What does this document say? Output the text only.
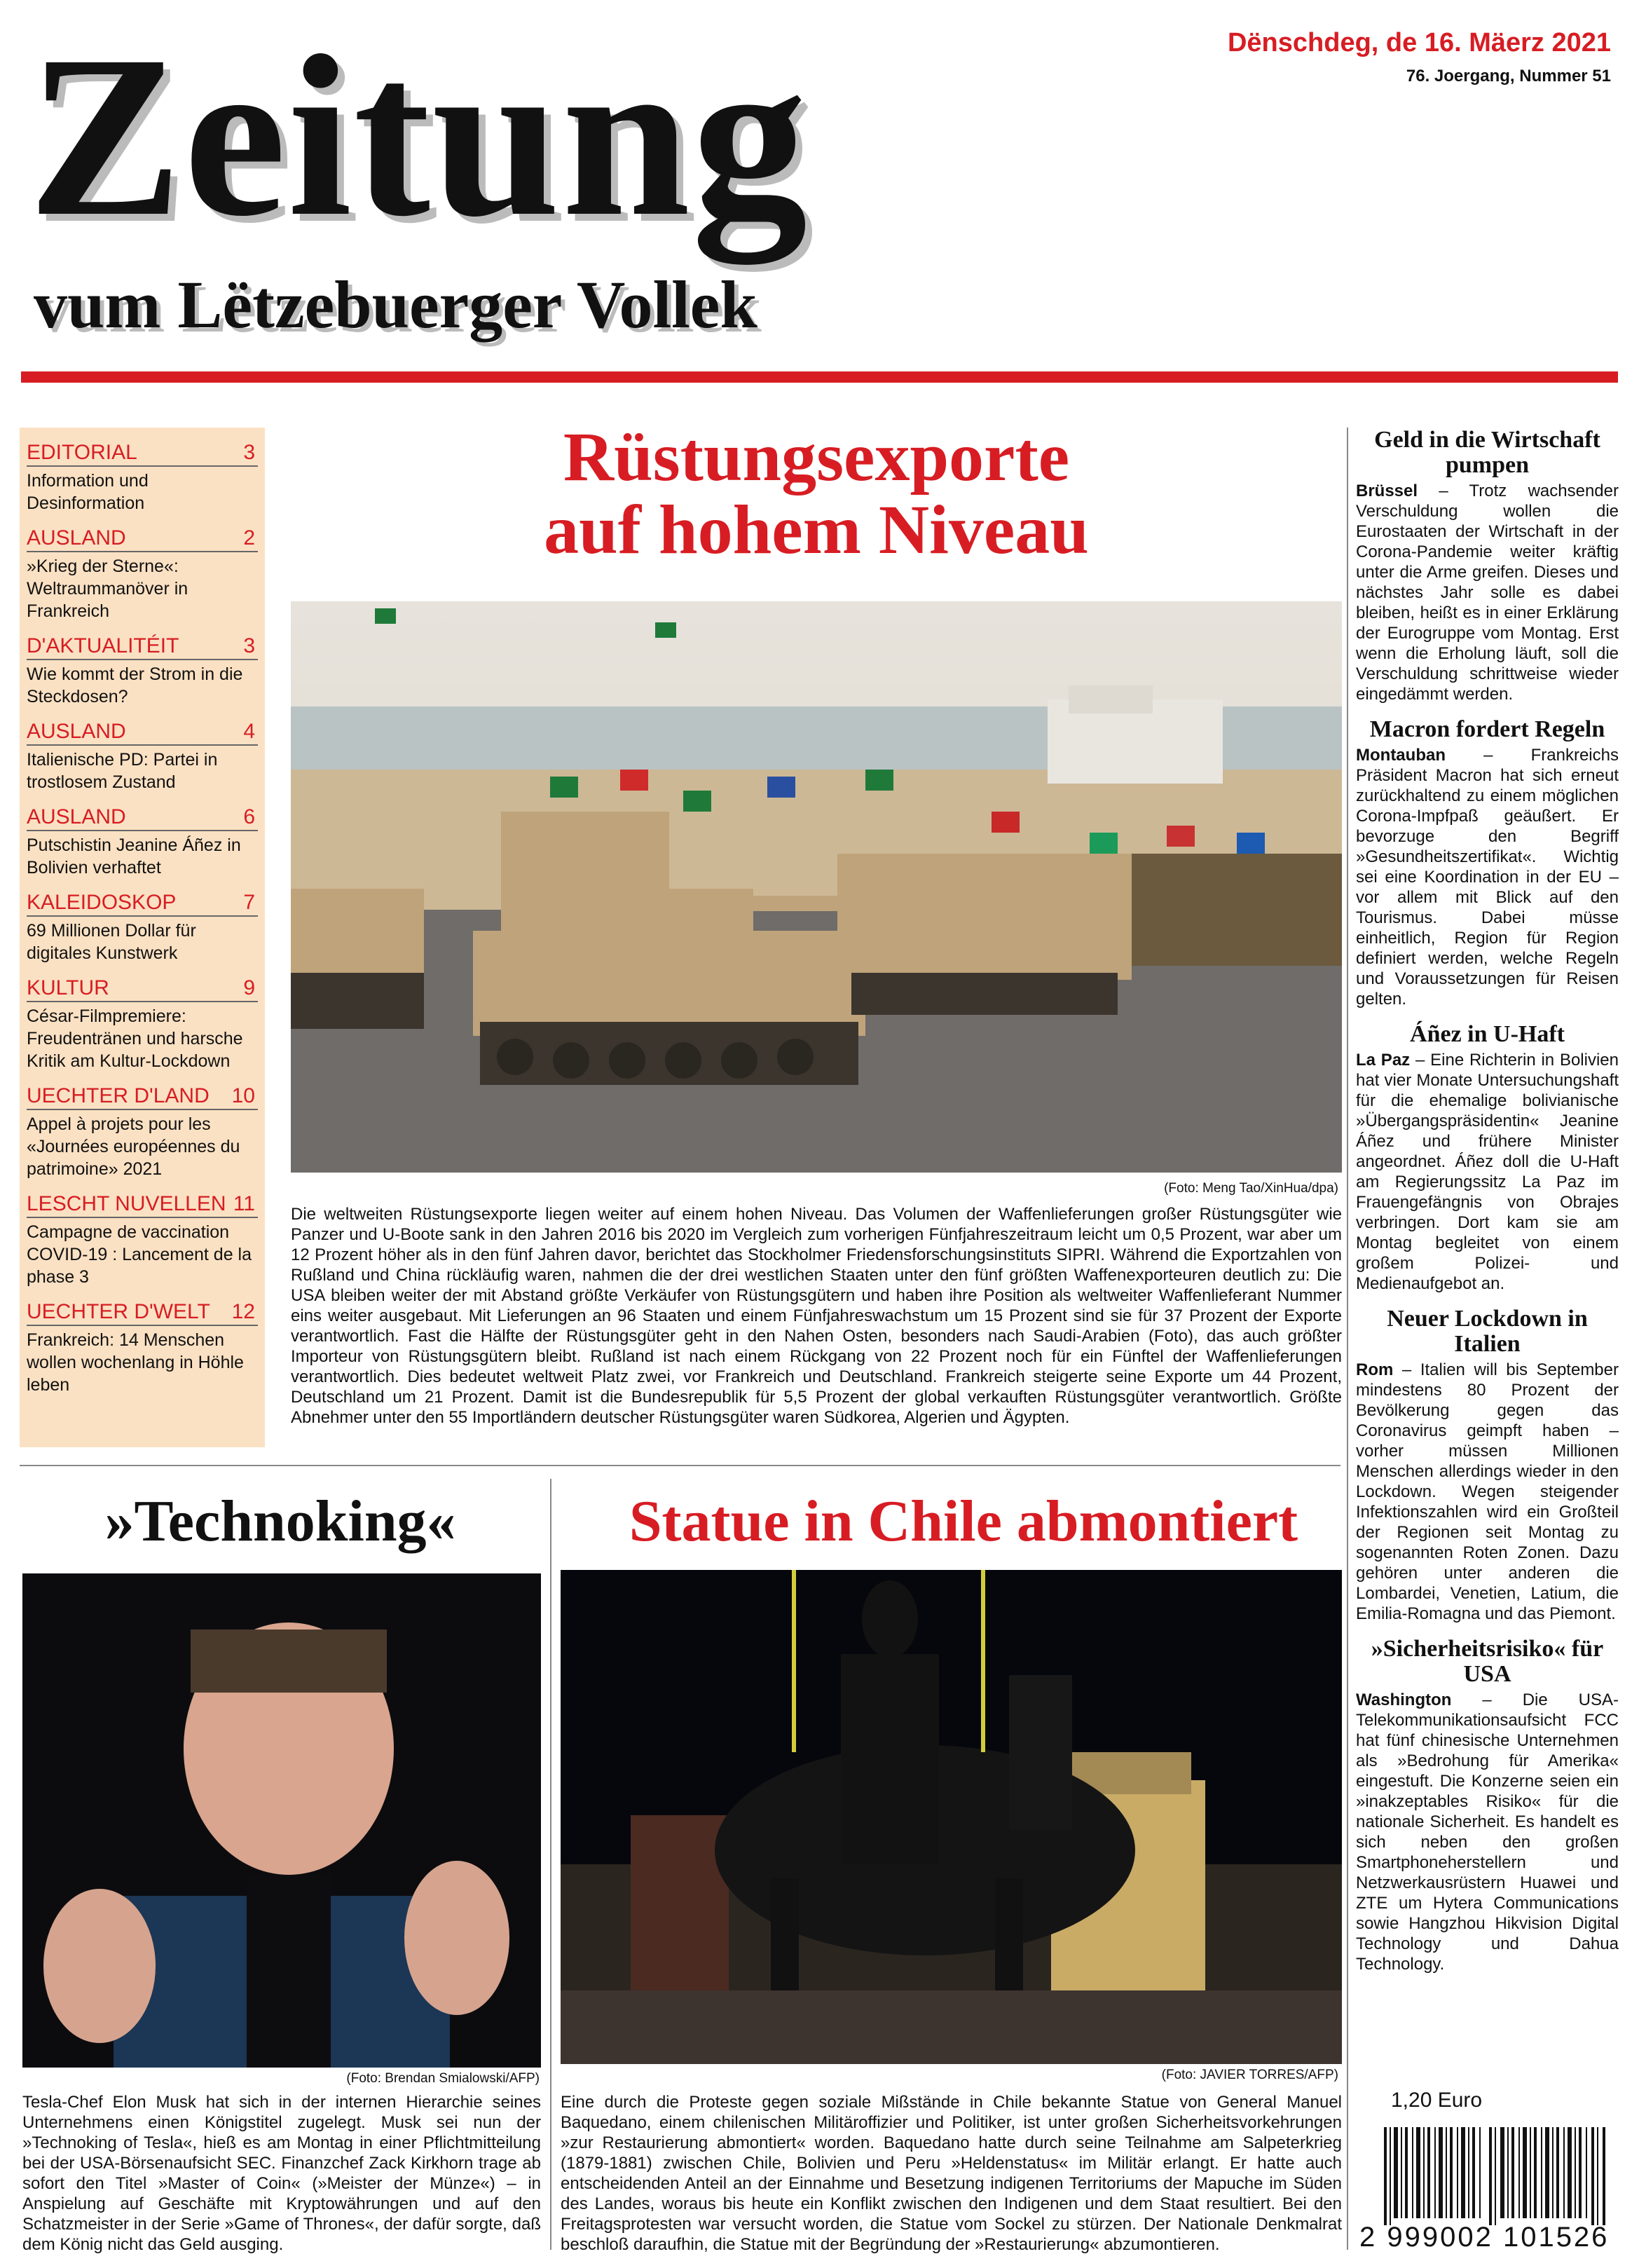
Zeitung
vum Lëtzebuerger Vollek
Dënschdeg, de 16. Mäerz 2021
76. Joergang, Nummer 51
EDITORIAL	3
Information und Desinformation
AUSLAND	2
»Krieg der Sterne«: Weltraummanöver in Frankreich
D'AKTUALITÉIT	3
Wie kommt der Strom in die Steckdosen?
AUSLAND	4
Italienische PD: Partei in trostlosem Zustand
AUSLAND	6
Putschistin Jeanine Áñez in Bolivien verhaftet
KALEIDOSKOP	7
69 Millionen Dollar für digitales Kunstwerk
KULTUR	9
César-Filmpremiere: Freudentränen und harsche Kritik am Kultur-Lockdown
UECHTER D'LAND 10
Appel à projets pour les «Journées européennes du patrimoine» 2021
LESCHT NUVELLEN 11
Campagne de vaccination COVID-19 : Lancement de la phase 3
UECHTER D'WELT 12
Frankreich: 14 Menschen wollen wochenlang in Höhle leben
Rüstungsexporte
auf hohem Niveau
(Foto: Meng Tao/XinHua/dpa)
Die weltweiten Rüstungsexporte liegen weiter auf einem hohen Niveau. Das Volumen der Waffenlieferungen großer Rüstungsgüter wie Panzer und U-Boote sank in den Jahren 2016 bis 2020 im Vergleich zum vorherigen Fünfjahreszeitraum leicht um 0,5 Prozent, war aber um 12 Prozent höher als in den fünf Jahren davor, berichtet das Stockholmer Friedensforschungsinstituts SIPRI. Während die Exportzahlen von Rußland und China rückläufig waren, nahmen die der drei westlichen Staaten unter den fünf größten Waffenexporteuren deutlich zu: Die USA bleiben weiter der mit Abstand größte Verkäufer von Rüstungsgütern und haben ihre Position als weltweiter Waffenlieferant Nummer eins weiter ausgebaut. Mit Lieferungen an 96 Staaten und einem Fünfjahreswachstum um 15 Prozent sind sie für 37 Prozent der Exporte verantwortlich. Fast die Hälfte der Rüstungsgüter geht in den Nahen Osten, besonders nach Saudi-Arabien (Foto), das auch größter Importeur von Rüstungsgütern bleibt. Rußland ist nach einem Rückgang von 22 Prozent noch für ein Fünftel der Waffenlieferungen verantwortlich. Dies bedeutet weltweit Platz zwei, vor Frankreich und Deutschland. Frankreich steigerte seine Exporte um 44 Prozent, Deutschland um 21 Prozent. Damit ist die Bundesrepublik für 5,5 Prozent der global verkauften Rüstungsgüter verantwortlich. Größte Abnehmer unter den 55 Importländern deutscher Rüstungsgüter waren Südkorea, Algerien und Ägypten.
»Technoking«
(Foto: Brendan Smialowski/AFP)
Tesla-Chef Elon Musk hat sich in der internen Hierarchie seines Unternehmens einen Königstitel zugelegt. Musk sei nun der »Technoking of Tesla«, hieß es am Montag in einer Pflichtmitteilung bei der USA-Börsenaufsicht SEC. Finanzchef Zack Kirkhorn trage ab sofort den Titel »Master of Coin« (»Meister der Münze«) – in Anspielung auf Geschäfte mit Kryptowährungen und auf den Schatzmeister in der Serie »Game of Thrones«, der dafür sorgte, daß dem König nicht das Geld ausging.
Statue in Chile abmontiert
(Foto: JAVIER TORRES/AFP)
Eine durch die Proteste gegen soziale Mißstände in Chile bekannte Statue von General Manuel Baquedano, einem chilenischen Militäroffizier und Politiker, ist unter großen Sicherheitsvorkehrungen »zur Restaurierung abmontiert« worden. Baquedano hatte durch seine Teilnahme am Salpeterkrieg (1879-1881) zwischen Chile, Bolivien und Peru »Heldenstatus« im Militär erlangt. Er hatte auch entscheidenden Anteil an der Einnahme und Besetzung indigenen Territoriums der Mapuche im Süden des Landes, woraus bis heute ein Konflikt zwischen den Indigenen und dem Staat resultiert. Bei den Freitagsprotesten war versucht worden, die Statue vom Sockel zu stürzen. Der Nationale Denkmalrat beschloß daraufhin, die Statue mit der Begründung der »Restaurierung« abzumontieren.
Geld in die Wirtschaft pumpen
Brüssel – Trotz wachsender Verschuldung wollen die Eurostaaten der Wirtschaft in der Corona-Pandemie weiter kräftig unter die Arme greifen. Dieses und nächstes Jahr solle es dabei bleiben, heißt es in einer Erklärung der Eurogruppe vom Montag. Erst wenn die Erholung läuft, soll die Verschuldung schrittweise wieder eingedämmt werden.
Macron fordert Regeln
Montauban – Frankreichs Präsident Macron hat sich erneut zurückhaltend zu einem möglichen Corona-Impfpaß geäußert. Er bevorzuge den Begriff »Gesundheitszertifikat«. Wichtig sei eine Koordination in der EU – vor allem mit Blick auf den Tourismus. Dabei müsse einheitlich, Region für Region definiert werden, welche Regeln und Voraussetzungen für Reisen gelten.
Áñez in U-Haft
La Paz – Eine Richterin in Bolivien hat vier Monate Untersuchungshaft für die ehemalige bolivianische »Übergangspräsidentin« Jeanine Áñez und frühere Minister angeordnet. Áñez doll die U-Haft am Regierungssitz La Paz im Frauengefängnis von Obrajes verbringen. Dort kam sie am Montag begleitet von einem großem Polizei- und Medienaufgebot an.
Neuer Lockdown in Italien
Rom – Italien will bis September mindestens 80 Prozent der Bevölkerung gegen das Coronavirus geimpft haben – vorher müssen Millionen Menschen allerdings wieder in den Lockdown. Wegen steigender Infektionszahlen wird ein Großteil der Regionen seit Montag zu sogenannten Roten Zonen. Dazu gehören unter anderen die Lombardei, Venetien, Latium, die Emilia-Romagna und das Piemont.
»Sicherheitsrisiko« für USA
Washington – Die USA-Telekommunikationsaufsicht FCC hat fünf chinesische Unternehmen als »Bedrohung für Amerika« eingestuft. Die Konzerne seien ein »inakzeptables Risiko« für die nationale Sicherheit. Es handelt es sich neben den großen Smartphoneherstellern und Netzwerkausrüstern Huawei und ZTE um Hytera Communications sowie Hangzhou Hikvision Digital Technology und Dahua Technology.
1,20 Euro
2 999002 101526
